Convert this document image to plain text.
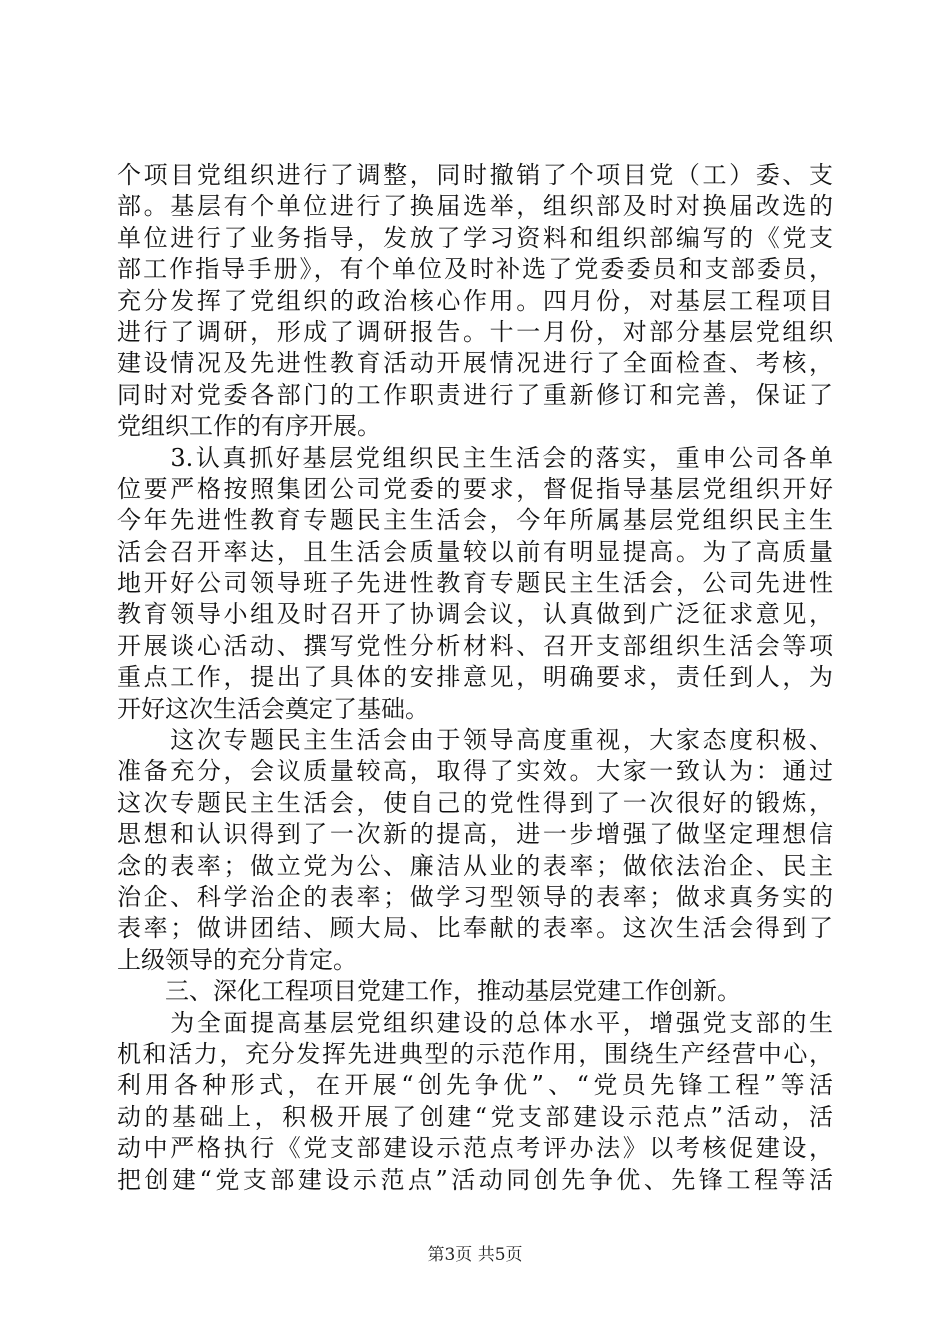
个项目党组织进行了调整，同时撤销了个项目党（工）委、支
部。基层有个单位进行了换届选举，组织部及时对换届改选的
单位进行了业务指导，发放了学习资料和组织部编写的《党支
部工作指导手册》，有个单位及时补选了党委委员和支部委员，
充分发挥了党组织的政治核心作用。四月份，对基层工程项目
进行了调研，形成了调研报告。十一月份，对部分基层党组织
建设情况及先进性教育活动开展情况进行了全面检查、考核，
同时对党委各部门的工作职责进行了重新修订和完善，保证了
党组织工作的有序开展。
　　3.认真抓好基层党组织民主生活会的落实，重申公司各单
位要严格按照集团公司党委的要求，督促指导基层党组织开好
今年先进性教育专题民主生活会，今年所属基层党组织民主生
活会召开率达，且生活会质量较以前有明显提高。为了高质量
地开好公司领导班子先进性教育专题民主生活会，公司先进性
教育领导小组及时召开了协调会议，认真做到广泛征求意见，
开展谈心活动、撰写党性分析材料、召开支部组织生活会等项
重点工作，提出了具体的安排意见，明确要求，责任到人，为
开好这次生活会奠定了基础。
　　这次专题民主生活会由于领导高度重视，大家态度积极、
准备充分，会议质量较高，取得了实效。大家一致认为：通过
这次专题民主生活会，使自己的党性得到了一次很好的锻炼，
思想和认识得到了一次新的提高，进一步增强了做坚定理想信
念的表率；做立党为公、廉洁从业的表率；做依法治企、民主
治企、科学治企的表率；做学习型领导的表率；做求真务实的
表率；做讲团结、顾大局、比奉献的表率。这次生活会得到了
上级领导的充分肯定。
　　三、深化工程项目党建工作，推动基层党建工作创新。
　　为全面提高基层党组织建设的总体水平，增强党支部的生
机和活力，充分发挥先进典型的示范作用，围绕生产经营中心，
利用各种形式，在开展“创先争优”、“党员先锋工程”等活
动的基础上，积极开展了创建“党支部建设示范点”活动，活
动中严格执行《党支部建设示范点考评办法》以考核促建设，
把创建“党支部建设示范点”活动同创先争优、先锋工程等活
第3页 共5页
